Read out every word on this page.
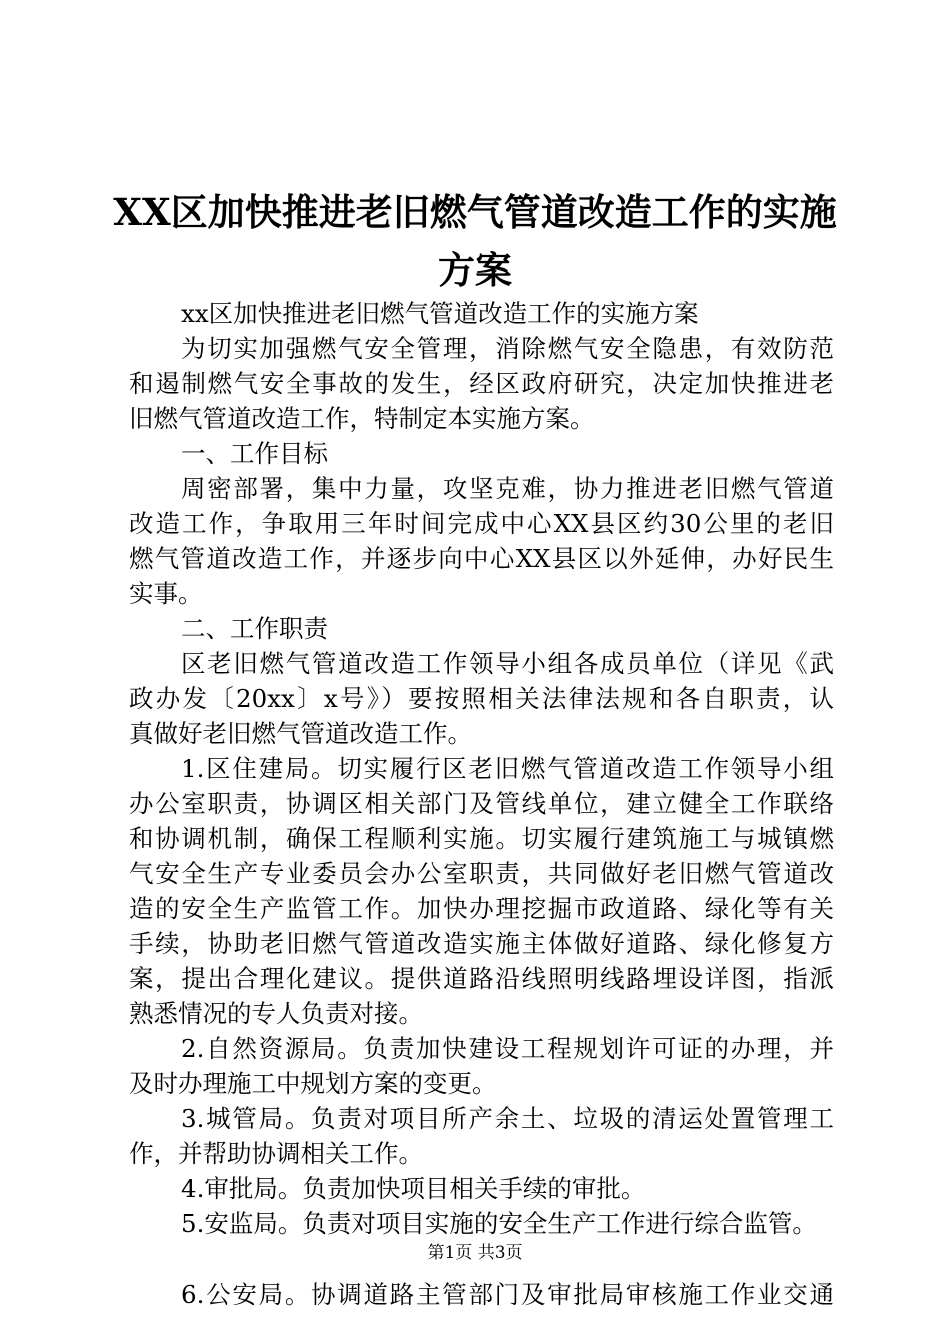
XX区加快推进老旧燃气管道改造工作的实施
方案
xx区加快推进老旧燃气管道改造工作的实施方案
为切实加强燃气安全管理，消除燃气安全隐患，有效防范
和遏制燃气安全事故的发生，经区政府研究，决定加快推进老
旧燃气管道改造工作，特制定本实施方案。
一、工作目标
周密部署，集中力量，攻坚克难，协力推进老旧燃气管道
改造工作，争取用三年时间完成中心XX县区约30公里的老旧
燃气管道改造工作，并逐步向中心XX县区以外延伸，办好民生
实事。
二、工作职责
区老旧燃气管道改造工作领导小组各成员单位（详见《武
政办发〔20xx〕x号》）要按照相关法律法规和各自职责，认
真做好老旧燃气管道改造工作。
1.区住建局。切实履行区老旧燃气管道改造工作领导小组
办公室职责，协调区相关部门及管线单位，建立健全工作联络
和协调机制，确保工程顺利实施。切实履行建筑施工与城镇燃
气安全生产专业委员会办公室职责，共同做好老旧燃气管道改
造的安全生产监管工作。加快办理挖掘市政道路、绿化等有关
手续，协助老旧燃气管道改造实施主体做好道路、绿化修复方
案，提出合理化建议。提供道路沿线照明线路埋设详图，指派
熟悉情况的专人负责对接。
2.自然资源局。负责加快建设工程规划许可证的办理，并
及时办理施工中规划方案的变更。
3.城管局。负责对项目所产余土、垃圾的清运处置管理工
作，并帮助协调相关工作。
4.审批局。负责加快项目相关手续的审批。
5.安监局。负责对项目实施的安全生产工作进行综合监管。
6.公安局。协调道路主管部门及审批局审核施工作业交通
第1页 共3页
